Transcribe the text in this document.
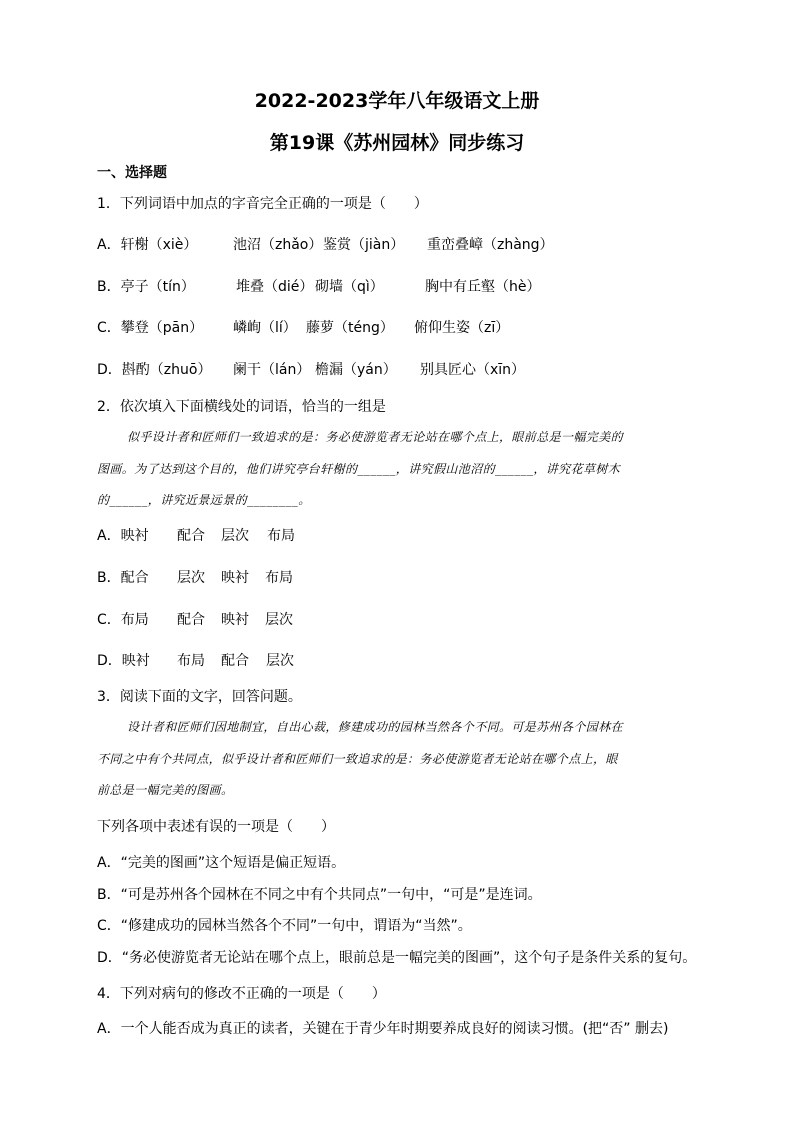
2022-2023学年八年级语文上册
第19课《苏州园林》同步练习
一、选择题
1．下列词语中加点的字音完全正确的一项是（　　）
A．轩榭（xiè）	池沼（zhǎo） 鉴赏（jiàn） 重峦叠嶂（zhàng）
B．亭子（tín）	堆叠（dié） 砌墙（qì）	胸中有丘壑（hè）
C．攀登（pān） 嶙峋（lí） 藤萝（téng） 俯仰生姿（zī）
D．斟酌（zhuō） 阑干（lán） 檐漏（yán） 别具匠心（xīn）
2．依次填入下面横线处的词语，恰当的一组是
似乎设计者和匠师们一致追求的是：务必使游览者无论站在哪个点上，眼前总是一幅完美的
图画。为了达到这个目的，他们讲究亭台轩榭的______，讲究假山池沼的______，讲究花草树木
的______，讲究近景远景的________。
A．映衬 配合 层次 布局
B．配合 层次 映衬 布局
C．布局 配合 映衬 层次
D．映衬 布局 配合 层次
3．阅读下面的文字，回答问题。
设计者和匠师们因地制宜，自出心裁，修建成功的园林当然各个不同。可是苏州各个园林在
不同之中有个共同点，似乎设计者和匠师们一致追求的是：务必使游览者无论站在哪个点上，眼
前总是一幅完美的图画。
下列各项中表述有误的一项是（　　）
A．“完美的图画”这个短语是偏正短语。
B．“可是苏州各个园林在不同之中有个共同点”一句中，“可是”是连词。
C．“修建成功的园林当然各个不同”一句中，谓语为“当然”。
D．“务必使游览者无论站在哪个点上，眼前总是一幅完美的图画”，这个句子是条件关系的复句。
4．下列对病句的修改不正确的一项是（　　）
A．一个人能否成为真正的读者，关键在于青少年时期要养成良好的阅读习惯。(把“否” 删去)
